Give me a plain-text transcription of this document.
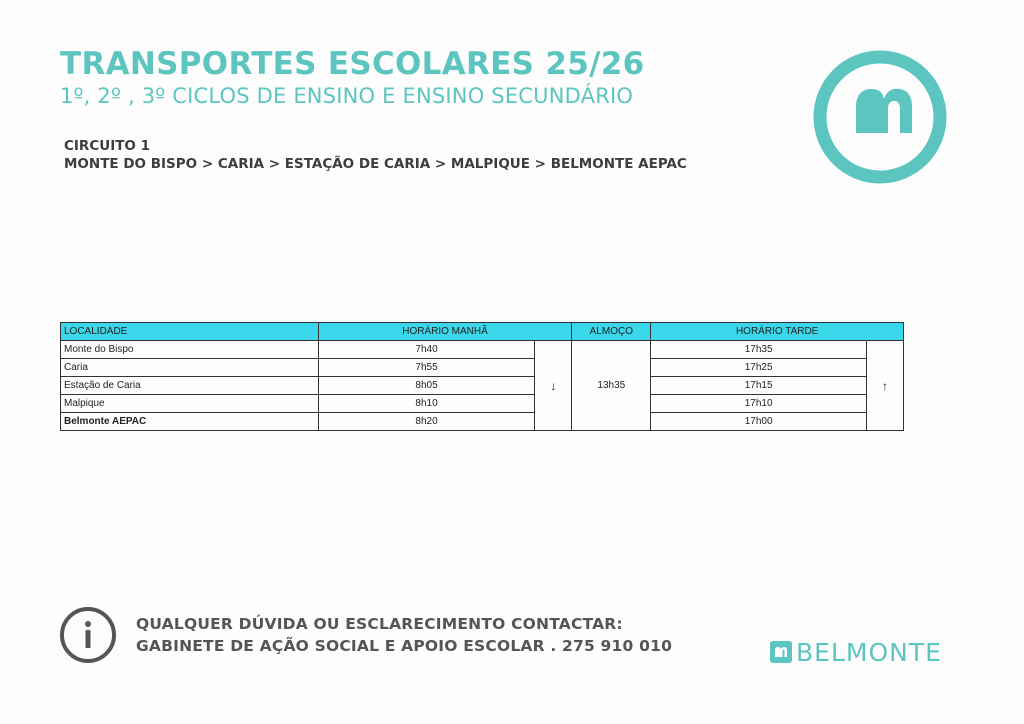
TRANSPORTES ESCOLARES 25/26
1º, 2º , 3º CICLOS DE ENSINO E ENSINO SECUNDÁRIO
CIRCUITO 1
MONTE DO BISPO > CARIA > ESTAÇÃO DE CARIA > MALPIQUE > BELMONTE AEPAC
LOCALIDADE	HORÁRIO MANHÃ		ALMOÇO	HORÁRIO TARDE	
Monte do Bispo	7h40	↓	13h35	17h35	↑
Caria	7h55			17h25	
Estação de Caria	8h05			17h15	
Malpique	8h10			17h10	
Belmonte AEPAC	8h20			17h00	
QUALQUER DÚVIDA OU ESCLARECIMENTO CONTACTAR:
GABINETE DE AÇÃO SOCIAL E APOIO ESCOLAR . 275 910 010	BELMONTE
